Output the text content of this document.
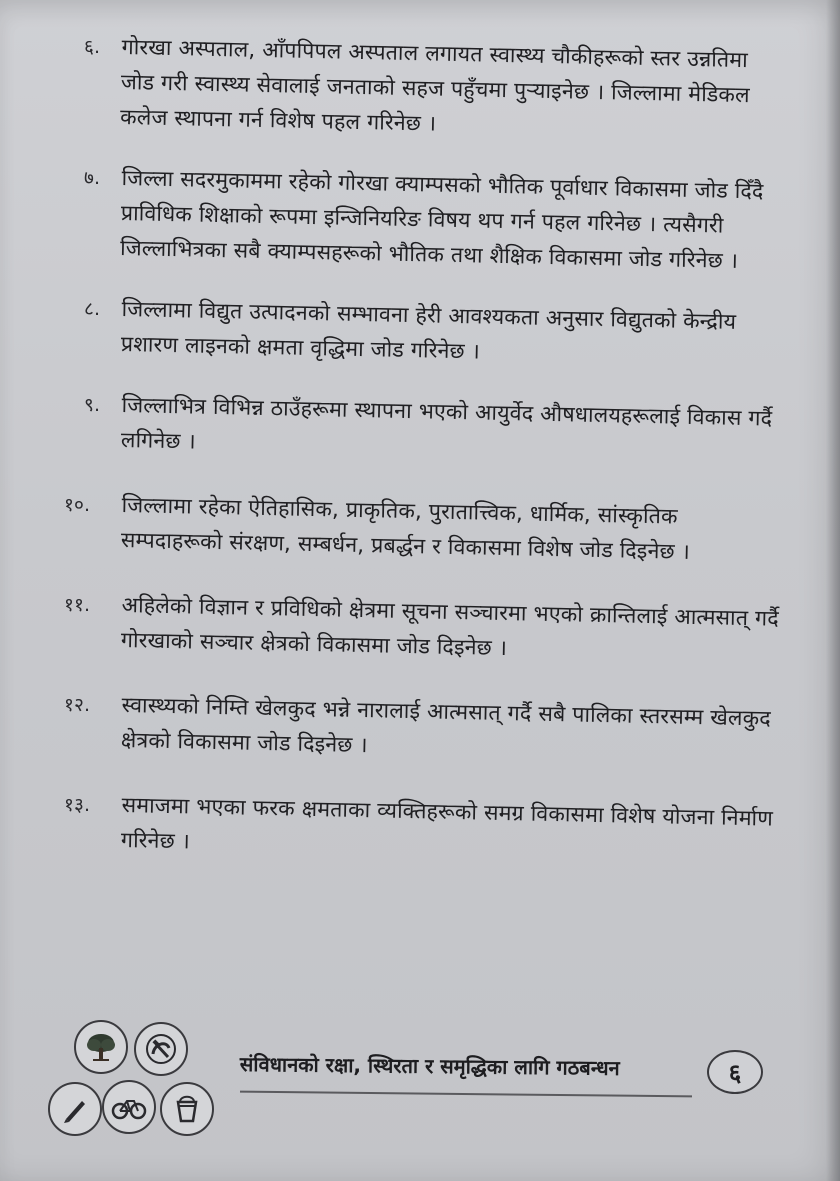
६. गोरखा अस्पताल, आँपपिपल अस्पताल लगायत स्वास्थ्य चौकीहरूको स्तर उन्नतिमा जोड गरी स्वास्थ्य सेवालाई जनताको सहज पहुँचमा पुऱ्याइनेछ । जिल्लामा मेडिकल कलेज स्थापना गर्न विशेष पहल गरिनेछ ।
७. जिल्ला सदरमुकाममा रहेको गोरखा क्याम्पसको भौतिक पूर्वाधार विकासमा जोड दिँदै प्राविधिक शिक्षाको रूपमा इन्जिनियरिङ विषय थप गर्न पहल गरिनेछ । त्यसैगरी जिल्लाभित्रका सबै क्याम्पसहरूको भौतिक तथा शैक्षिक विकासमा जोड गरिनेछ ।
८. जिल्लामा विद्युत उत्पादनको सम्भावना हेरी आवश्यकता अनुसार विद्युतको केन्द्रीय प्रशारण लाइनको क्षमता वृद्धिमा जोड गरिनेछ ।
९. जिल्लाभित्र विभिन्न ठाउँहरूमा स्थापना भएको आयुर्वेद औषधालयहरूलाई विकास गर्दै लगिनेछ ।
१०. जिल्लामा रहेका ऐतिहासिक, प्राकृतिक, पुरातात्त्विक, धार्मिक, सांस्कृतिक सम्पदाहरूको संरक्षण, सम्बर्धन, प्रबर्द्धन र विकासमा विशेष जोड दिइनेछ ।
११. अहिलेको विज्ञान र प्रविधिको क्षेत्रमा सूचना सञ्चारमा भएको क्रान्तिलाई आत्मसात् गर्दै गोरखाको सञ्चार क्षेत्रको विकासमा जोड दिइनेछ ।
१२. स्वास्थ्यको निम्ति खेलकुद भन्ने नारालाई आत्मसात् गर्दै सबै पालिका स्तरसम्म खेलकुद क्षेत्रको विकासमा जोड दिइनेछ ।
१३. समाजमा भएका फरक क्षमताका व्यक्तिहरूको समग्र विकासमा विशेष योजना निर्माण गरिनेछ ।
संविधानको रक्षा, स्थिरता र समृद्धिका लागि गठबन्धन	६
